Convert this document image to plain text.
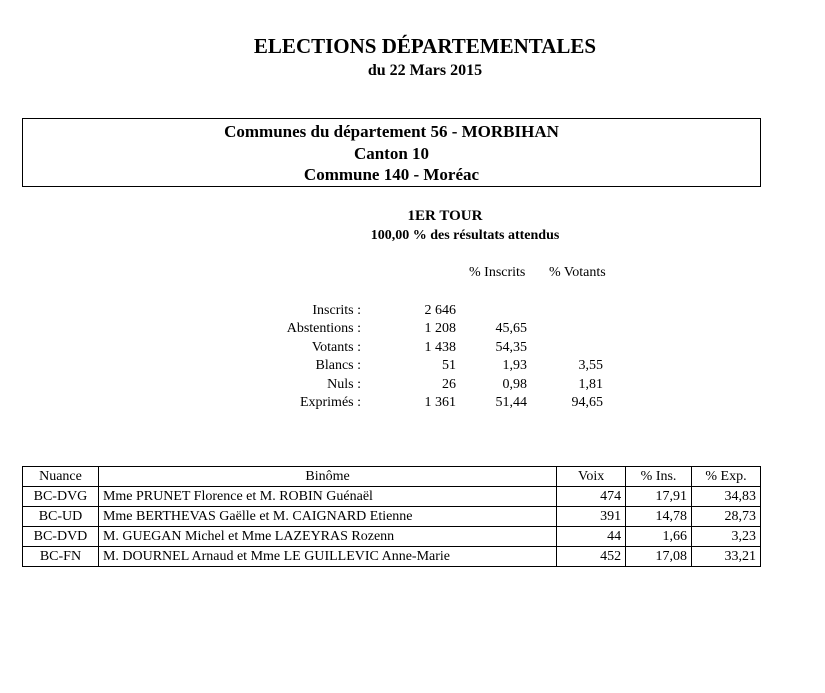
ELECTIONS DÉPARTEMENTALES
du 22 Mars 2015
Communes du département 56 - MORBIHAN
Canton 10
Commune 140 - Moréac
1ER TOUR
100,00 % des résultats attendus
% Inscrits % Votants
Inscrits :	2 646
Abstentions :	1 208	45,65
Votants :	1 438	54,35
Blancs :	51	1,93	3,55
Nuls :	26	0,98	1,81
Exprimés :	1 361	51,44	94,65
Nuance	Binôme	Voix	% Ins.	% Exp.
BC-DVG	Mme PRUNET Florence et M. ROBIN Guénaël	474	17,91	34,83
BC-UD	Mme BERTHEVAS Gaëlle et M. CAIGNARD Etienne	391	14,78	28,73
BC-DVD	M. GUEGAN Michel et Mme LAZEYRAS Rozenn	44	1,66	3,23
BC-FN	M. DOURNEL Arnaud et Mme LE GUILLEVIC Anne-Marie	452	17,08	33,21
